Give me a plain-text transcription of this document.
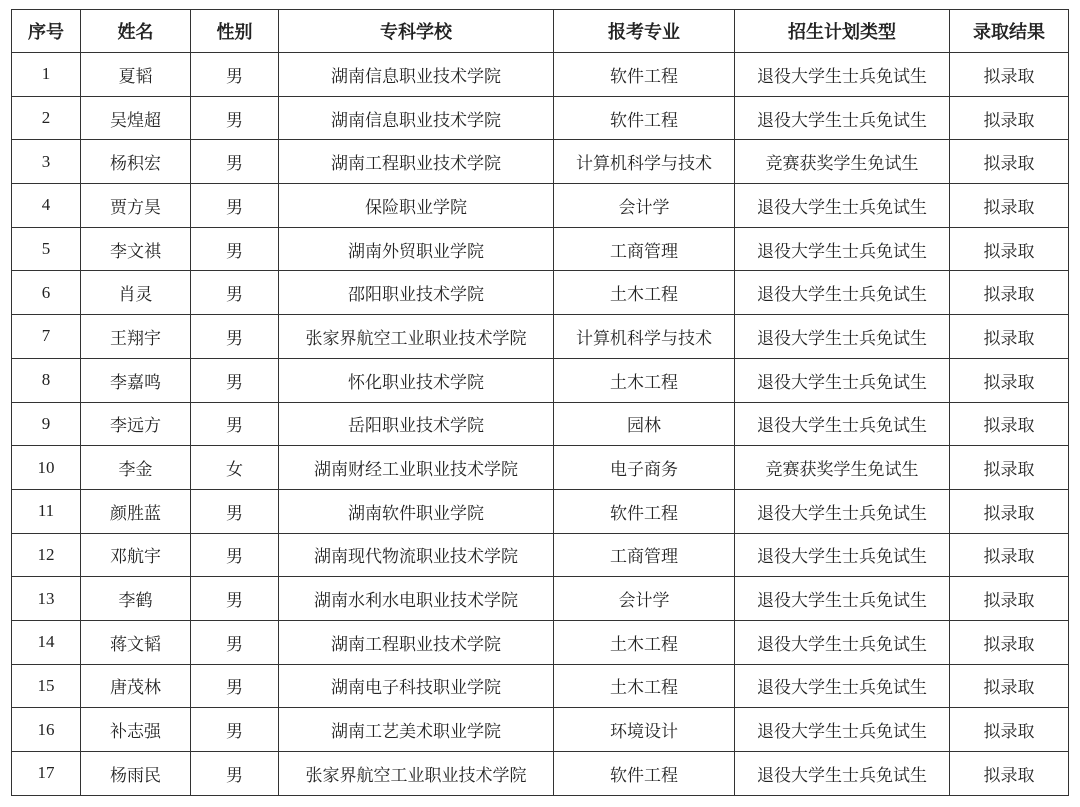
序号	姓名	性别	专科学校	报考专业	招生计划类型	录取结果
1	夏韬	男	湖南信息职业技术学院	软件工程	退役大学生士兵免试生	拟录取
2	吴煌超	男	湖南信息职业技术学院	软件工程	退役大学生士兵免试生	拟录取
3	杨积宏	男	湖南工程职业技术学院	计算机科学与技术	竞赛获奖学生免试生	拟录取
4	贾方昊	男	保险职业学院	会计学	退役大学生士兵免试生	拟录取
5	李文祺	男	湖南外贸职业学院	工商管理	退役大学生士兵免试生	拟录取
6	肖灵	男	邵阳职业技术学院	土木工程	退役大学生士兵免试生	拟录取
7	王翔宇	男	张家界航空工业职业技术学院	计算机科学与技术	退役大学生士兵免试生	拟录取
8	李嘉鸣	男	怀化职业技术学院	土木工程	退役大学生士兵免试生	拟录取
9	李远方	男	岳阳职业技术学院	园林	退役大学生士兵免试生	拟录取
10	李金	女	湖南财经工业职业技术学院	电子商务	竞赛获奖学生免试生	拟录取
11	颜胜蓝	男	湖南软件职业学院	软件工程	退役大学生士兵免试生	拟录取
12	邓航宇	男	湖南现代物流职业技术学院	工商管理	退役大学生士兵免试生	拟录取
13	李鹤	男	湖南水利水电职业技术学院	会计学	退役大学生士兵免试生	拟录取
14	蒋文韬	男	湖南工程职业技术学院	土木工程	退役大学生士兵免试生	拟录取
15	唐茂林	男	湖南电子科技职业学院	土木工程	退役大学生士兵免试生	拟录取
16	补志强	男	湖南工艺美术职业学院	环境设计	退役大学生士兵免试生	拟录取
17	杨雨民	男	张家界航空工业职业技术学院	软件工程	退役大学生士兵免试生	拟录取
